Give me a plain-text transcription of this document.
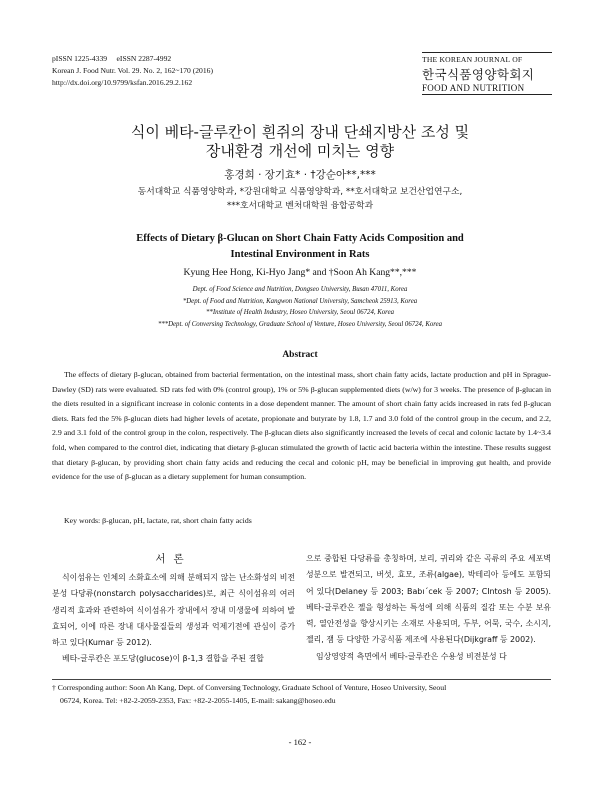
pISSN 1225-4339     eISSN 2287-4992
Korean J. Food Nutr. Vol. 29. No. 2, 162~170 (2016)
http://dx.doi.org/10.9799/ksfan.2016.29.2.162
THE KOREAN JOURNAL OF
한국식품영양학회지
FOOD AND NUTRITION
식이 베타-글루칸이 흰쥐의 장내 단쇄지방산 조성 및
장내환경 개선에 미치는 영향
홍경희 · 장기효* · †강순아**,***
동서대학교 식품영양학과, *강원대학교 식품영양학과, **호서대학교 보건산업연구소,
***호서대학교 벤처대학원 융합공학과
Effects of Dietary β-Glucan on Short Chain Fatty Acids Composition and
Intestinal Environment in Rats
Kyung Hee Hong, Ki-Hyo Jang* and †Soon Ah Kang**,***
Dept. of Food Science and Nutrition, Dongseo University, Busan 47011, Korea
*Dept. of Food and Nutrition, Kangwon National University, Samcheok 25913, Korea
**Institute of Health Industry, Hoseo University, Seoul 06724, Korea
***Dept. of Conversing Technology, Graduate School of Venture, Hoseo University, Seoul 06724, Korea
Abstract
The effects of dietary β-glucan, obtained from bacterial fermentation, on the intestinal mass, short chain fatty acids, lactate production and pH in Sprague-Dawley (SD) rats were evaluated. SD rats fed with 0% (control group), 1% or 5% β-glucan supplemented diets (w/w) for 3 weeks. The presence of β-glucan in the diets resulted in a significant increase in colonic contents in a dose dependent manner. The amount of short chain fatty acids increased in rats fed β-glucan diets. Rats fed the 5% β-glucan diets had higher levels of acetate, propionate and butyrate by 1.8, 1.7 and 3.0 fold of the control group in the cecum, and 2.2, 2.9 and 3.1 fold of the control group in the colon, respectively. The β-glucan diets also significantly increased the levels of cecal and colonic lactate by 1.4~3.4 fold, when compared to the control diet, indicating that dietary β-glucan stimulated the growth of lactic acid bacteria within the intestine. These results suggest that dietary β-glucan, by providing short chain fatty acids and reducing the cecal and colonic pH, may be beneficial in improving gut health, and provide evidence for the use of β-glucan as a dietary supplement for human consumption.
Key words: β-glucan, pH, lactate, rat, short chain fatty acids
서론

식이섬유는 인체의 소화효소에 의해 분해되지 않는 난소화성의 비전분성 다당류(nonstarch polysaccharides)로, 최근 식이섬유의 여러 생리적 효과와 관련하여 식이섬유가 장내에서 장내 미생물에 의하여 발효되어, 이에 따른 장내 대사물질들의 생성과 억제기전에 관심이 증가하고 있다(Kumar 등 2012).

베타-글루칸은 포도당(glucose)이 β-1,3 결합을 주된 결합

으로 중합된 다당류를 총칭하며, 보리, 귀리와 같은 곡류의 주요 세포벽 성분으로 발견되고, 버섯, 효모, 조류(algae), 박테리아 등에도 포함되어 있다(Delaney 등 2003; Babı´cek 등 2007; CIntosh 등 2005). 베타-글루칸은 젤을 형성하는 특성에 의해 식품의 질감 또는 수분 보유력, 열안전성을 향상시키는 소재로 사용되며, 두부, 어묵, 국수, 소시지, 젤리, 잼 등 다양한 가공식품 제조에 사용된다(Dijkgraff 등 2002).

임상영양적 측면에서 베타-글루칸은 수용성 비전분성 다

† Corresponding author: Soon Ah Kang, Dept. of Conversing Technology, Graduate School of Venture, Hoseo University, Seoul
06724, Korea. Tel: +82-2-2059-2353, Fax: +82-2-2055-1405, E-mail: sakang@hoseo.edu
- 162 -
